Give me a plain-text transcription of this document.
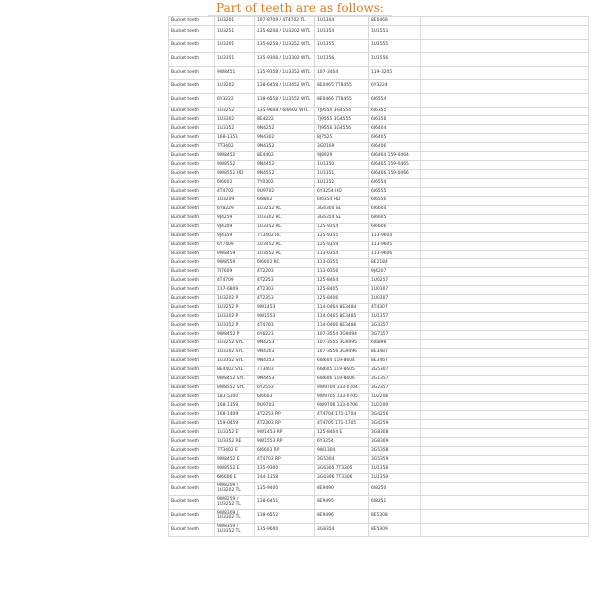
Part of teeth are as follows:
Bucket teeth	1U3201	107-8709 / 4T4702 TL	1U1304	8E0468	
Bucket teeth	1U3251	135-8208 / 1U3202 WTL	1U1354	1U1553	
Bucket teeth	1U3301	135-8258 / 1U3252 WTL	1U1355	1U1555	
Bucket teeth	1U3351	135-9308 / 1U3302 WTL	1U1356	1U1556	
Bucket teeth	9W8451	135-9358 / 1U3352 WTL	107-3404	119-3205	
Bucket teeth	1U3202	138-6458 / 1U3452 WTL	8E0465 7T8455	6Y3224	
Bucket teeth	6Y3222	138-6558 / 1U3552 WTL	8E0466 7T8455	6I6554	
Bucket teeth	1U3252	135-9608 / 6I6602 WTL	7J9554 3G4554	6I6355	
Bucket teeth	1U3302	8E4222	7J9555 3G4555	6I6356	
Bucket teeth	1U3352	9N4252	7J9556 3G4556	6I6404	
Bucket teeth	168-1351	9N4302	8J7525	6I6405	
Bucket teeth	7T3402	9N4352	3G0169	6I6406	
Bucket teeth	9W8452	8E4402	9J8929	6I6464 159-0464	
Bucket teeth	9W8552	9N4452	1U1350	6I6465 159-0465	
Bucket teeth	9W8552 HD	9N4552	1U1351	6I6466 159-0466	
Bucket teeth	6I6602	7Y0302	1U1352	6I6554	
Bucket teeth	4T4702	9U9702	6Y3254 HD	6I6555	
Bucket teeth	1U3209	6I8802	6I6354 HD	6I6556	
Bucket teeth	6Y8229	1U3252 RC	3G6304 SL	6I6604	
Bucket teeth	9J4259	1U3302 RC	3G6354 SL	6I6605	
Bucket teeth	9J4309	1U3352 RC	135-9354	6I6606	
Bucket teeth	9J4359	7T3402 RC	135-9355	113-9604	
Bucket teeth	6Y7409	1U3452 RC	135-9359	113-9605	
Bucket teeth	9W8459	1U3552 RC	113-0354	113-9606	
Bucket teeth	9W8559	6I6602 RC	113-0355	8E2184	
Bucket teeth	7I7609	4T2203	113-0356	9J4207	
Bucket teeth	4T4709	4T2253	125-8404	1U0257	
Bucket teeth	117-6809	4T2303	125-8405	1U0307	
Bucket teeth	1U3202 P	4T2353	125-8406	1U0307	
Bucket teeth	1U3252 P	9W1453	114-0464 8E3484	4T4307	
Bucket teeth	1U3302 P	9W1553	114-0465 8E3485	1U1357	
Bucket teeth	1U3352 P	4T4703	114-0466 8E3486	3G3357	
Bucket teeth	9W8452 P	6Y6223	107-3554 3G9494	3G7357	
Bucket teeth	1U3252 SYL	9N4253	107-3555 3G9495	6I6898	
Bucket teeth	1U3302 SYL	9N4303	107-3556 3G9496	8E3487	
Bucket teeth	1U3352 SYL	9N4353	6I8604 119-8604	8E3467	
Bucket teeth	8E4402 SYL	7T3403	6I8605 119-8605	3G5307	
Bucket teeth	9W8452 SYL	9N4453	6I8606 119-8606	3G1357	
Bucket teeth	9W8552 SYL	6Y2553	9W9704 133-0704	3G2357	
Bucket teeth	183-5300	6I6603	9W9705 133-0705	1U2208	
Bucket teeth	168-1359	9U9703	9W9706 133-0706	1U2209	
Bucket teeth	168-1409	4T2253 RP	4T4704 171-1704	3G4256	
Bucket teeth	159-0459	4T2303 RP	4T4705 171-1705	3G4259	
Bucket teeth	1U3352 E	9W1453 RP	125-8404 E	3G8308	
Bucket teeth	1U3352 RE	9W1553 RP	6Y3254	3G8309	
Bucket teeth	7T3402 E	6I6603 RP	9W1304	3G5358	
Bucket teeth	9W8452 E	4T4703 RP	3G5304	3G5359	
Bucket teeth	9W8552 E	135-9300	3G6305 7T3305	1U1358	
Bucket teeth	6I6606 E	144-1358	3G6306 7T3306	1U1359	
Bucket teeth	9W8209 / 1U3202 TL	135-9400	8E9490	6I8250	
Bucket teeth	9W8259 / 1U3252 TL	138-6451	8E9495	6I8251	
Bucket teeth	9W8309 / 1U3302 TL	138-6552	8E9496	8E5308	
Bucket teeth	9W8359 / 1U3352 TL	135-9600	3G8354	8E5309	
